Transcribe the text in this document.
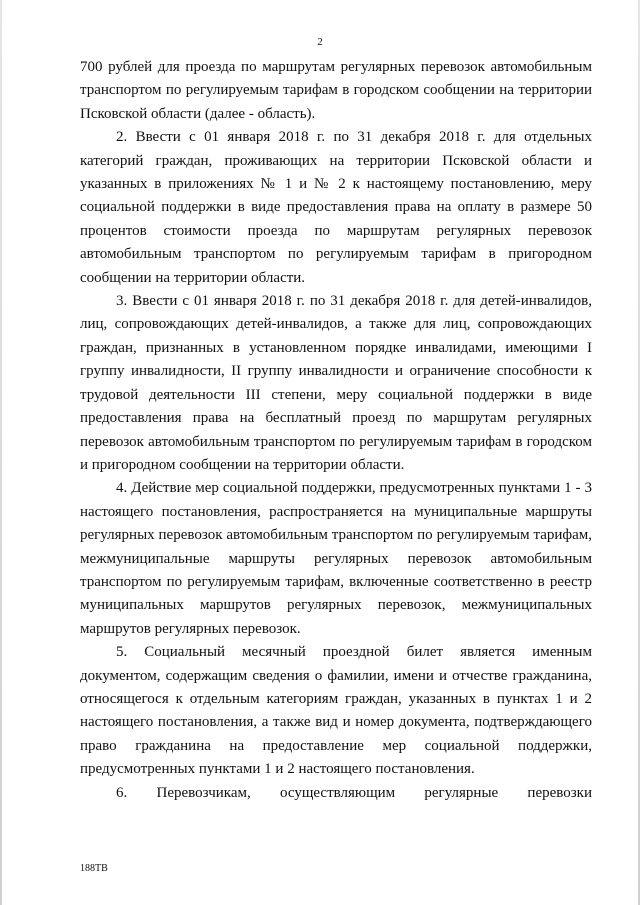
2

700 рублей для проезда по маршрутам регулярных перевозок автомобильным транспортом по регулируемым тарифам в городском сообщении на территории Псковской области (далее - область).

2. Ввести с 01 января 2018 г. по 31 декабря 2018 г. для отдельных категорий граждан, проживающих на территории Псковской области и указанных в приложениях № 1 и № 2 к настоящему постановлению, меру социальной поддержки в виде предоставления права на оплату в размере 50 процентов стоимости проезда по маршрутам регулярных перевозок автомобильным транспортом по регулируемым тарифам в пригородном сообщении на территории области.

3. Ввести с 01 января 2018 г. по 31 декабря 2018 г. для детей-инвалидов, лиц, сопровождающих детей-инвалидов, а также для лиц, сопровождающих граждан, признанных в установленном порядке инвалидами, имеющими I группу инвалидности, II группу инвалидности и ограничение способности к трудовой деятельности III степени, меру социальной поддержки в виде предоставления права на бесплатный проезд по маршрутам регулярных перевозок автомобильным транспортом по регулируемым тарифам в городском и пригородном сообщении на территории области.

4. Действие мер социальной поддержки, предусмотренных пунктами 1 - 3 настоящего постановления, распространяется на муниципальные маршруты регулярных перевозок автомобильным транспортом по регулируемым тарифам, межмуниципальные маршруты регулярных перевозок автомобильным транспортом по регулируемым тарифам, включенные соответственно в реестр муниципальных маршрутов регулярных перевозок, межмуниципальных маршрутов регулярных перевозок.

5. Социальный месячный проездной билет является именным документом, содержащим сведения о фамилии, имени и отчестве гражданина, относящегося к отдельным категориям граждан, указанных в пунктах 1 и 2 настоящего постановления, а также вид и номер документа, подтверждающего право гражданина на предоставление мер социальной поддержки, предусмотренных пунктами 1 и 2 настоящего постановления.

6. Перевозчикам, осуществляющим регулярные перевозки

188ТВ
